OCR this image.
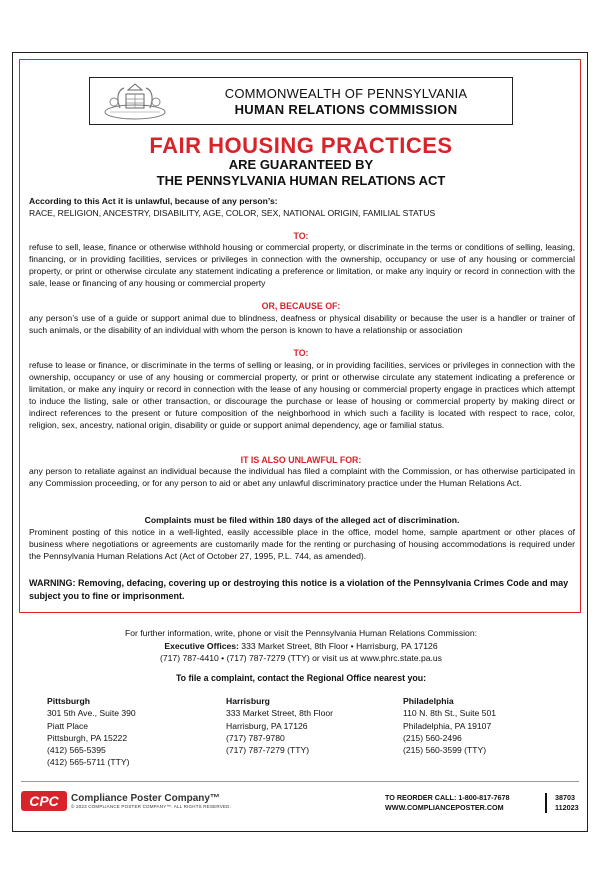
COMMONWEALTH OF PENNSYLVANIA
HUMAN RELATIONS COMMISSION
FAIR HOUSING PRACTICES
ARE GUARANTEED BY
THE PENNSYLVANIA HUMAN RELATIONS ACT
According to this Act it is unlawful, because of any person’s:
RACE, RELIGION, ANCESTRY, DISABILITY, AGE, COLOR, SEX, NATIONAL ORIGIN, FAMILIAL STATUS
TO:
refuse to sell, lease, finance or otherwise withhold housing or commercial property, or discriminate in the terms or conditions of selling, leasing, financing, or in providing facilities, services or privileges in connection with the ownership, occupancy or use of any housing or commercial property, or print or otherwise circulate any statement indicating a preference or limitation, or make any inquiry or record in connection with the sale, lease or financing of any housing or commercial property
OR, BECAUSE OF:
any person’s use of a guide or support animal due to blindness, deafness or physical disability or because the user is a handler or trainer of such animals, or the disability of an individual with whom the person is known to have a relationship or association
TO:
refuse to lease or finance, or discriminate in the terms of selling or leasing, or in providing facilities, services or privileges in connection with the ownership, occupancy or use of any housing or commercial property, or print or otherwise circulate any statement indicating a preference or limitation, or make any inquiry or record in connection with the lease of any housing or commercial property engage in practices which attempt to induce the listing, sale or other transaction, or discourage the purchase or lease of housing or commercial property by making direct or indirect references to the present or future composition of the neighborhood in which such a facility is located with respect to race, color, religion, sex, ancestry, national origin, disability or guide or support animal dependency, age or familial status.
IT IS ALSO UNLAWFUL FOR:
any person to retaliate against an individual because the individual has filed a complaint with the Commission, or has otherwise participated in any Commission proceeding, or for any person to aid or abet any unlawful discriminatory practice under the Human Relations Act.
Complaints must be filed within 180 days of the alleged act of discrimination.
Prominent posting of this notice in a well-lighted, easily accessible place in the office, model home, sample apartment or other places of business where negotiations or agreements are customarily made for the renting or purchasing of housing accommodations is required under the Pennsylvania Human Relations Act (Act of October 27, 1995, P.L. 744, as amended).
WARNING: Removing, defacing, covering up or destroying this notice is a violation of the Pennsylvania Crimes Code and may subject you to fine or imprisonment.
For further information, write, phone or visit the Pennsylvania Human Relations Commission:
Executive Offices: 333 Market Street, 8th Floor • Harrisburg, PA 17126
(717) 787-4410 • (717) 787-7279 (TTY) or visit us at www.phrc.state.pa.us
To file a complaint, contact the Regional Office nearest you:
Pittsburgh
301 5th Ave., Suite 390
Piatt Place
Pittsburgh, PA 15222
(412) 565-5395
(412) 565-5711 (TTY)
Harrisburg
333 Market Street, 8th Floor
Harrisburg, PA 17126
(717) 787-9780
(717) 787-7279 (TTY)
Philadelphia
110 N. 8th St., Suite 501
Philadelphia, PA 19107
(215) 560-2496
(215) 560-3599 (TTY)
CPC Compliance Poster Company™
© 2023 COMPLIANCE POSTER COMPANY™. ALL RIGHTS RESERVED.
TO REORDER CALL: 1-800-817-7678
WWW.COMPLIANCEPOSTER.COM
38703
112023
